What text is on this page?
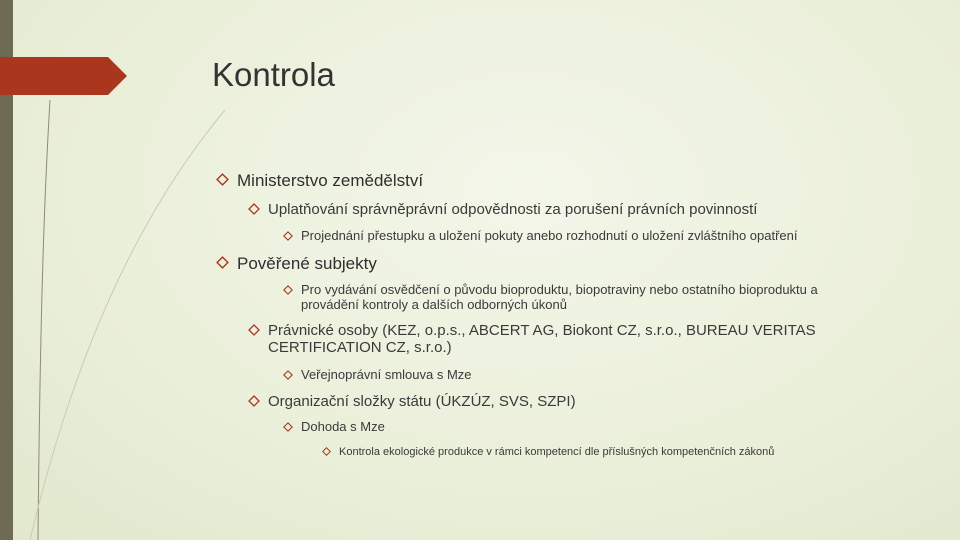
Kontrola
Ministerstvo zemědělství
Uplatňování správněprávní odpovědnosti za porušení právních povinností
Projednání přestupku a uložení pokuty anebo rozhodnutí o uložení zvláštního opatření
Pověřené subjekty
Pro vydávání osvědčení o původu bioproduktu, biopotraviny nebo ostatního bioproduktu a provádění kontroly a dalších odborných úkonů
Právnické osoby (KEZ, o.p.s., ABCERT AG, Biokont CZ, s.r.o., BUREAU VERITAS CERTIFICATION CZ, s.r.o.)
Veřejnoprávní smlouva s Mze
Organizační složky státu (ÚKZÚZ, SVS, SZPI)
Dohoda s Mze
Kontrola ekologické produkce v rámci kompetencí dle příslušných kompetenčních zákonů
